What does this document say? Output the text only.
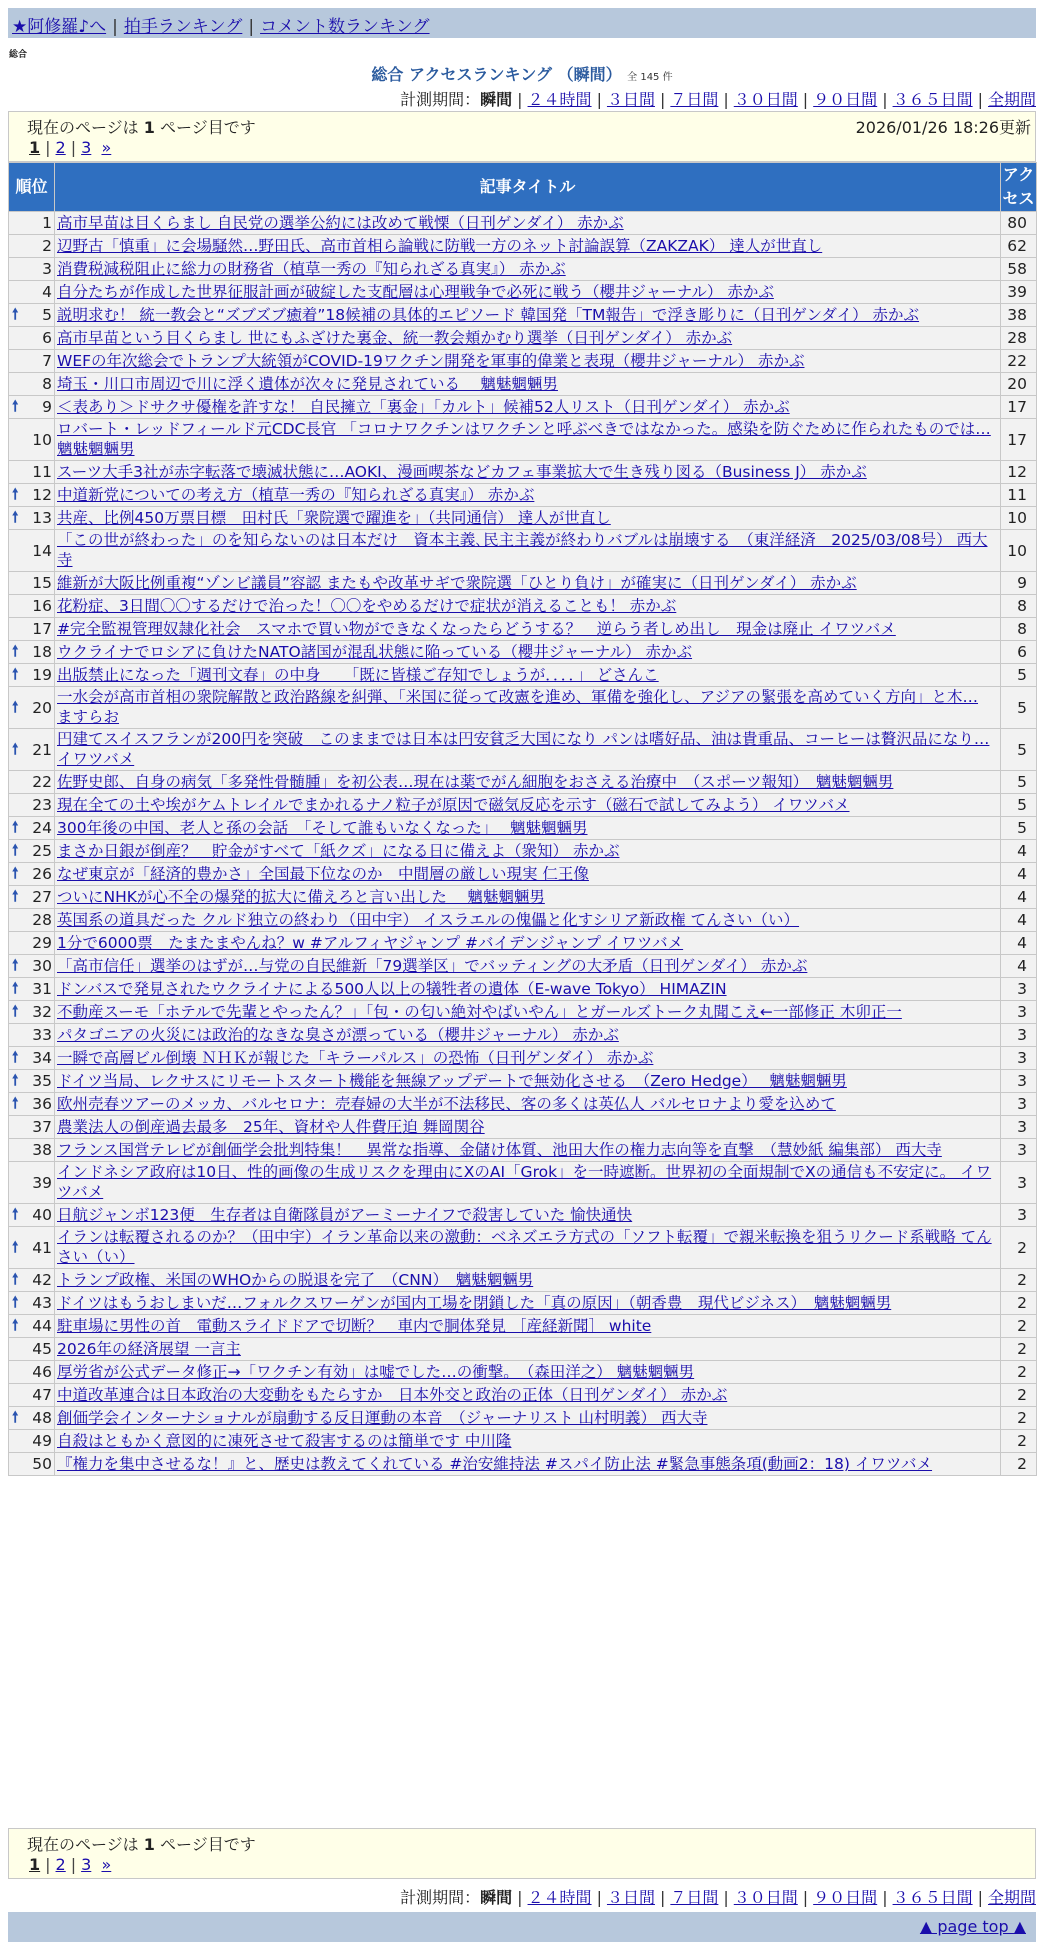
★阿修羅♪へ | 拍手ランキング | コメント数ランキング
総合
総合 アクセスランキング （瞬間） 全 145 件
計測期間：瞬間 | ２４時間 | ３日間 | ７日間 | ３０日間 | ９０日間 | ３６５日間 | 全期間
現在のページは 1 ページ目です	2026/01/26 18:26更新
1 | 2 | 3 »
順位	記事タイトル	アクセス
1	高市早苗は目くらまし 自民党の選挙公約には改めて戦慄（日刊ゲンダイ） 赤かぶ	80
2	辺野古「慎重」に会場騒然…野田氏、高市首相ら論戦に防戦一方のネット討論誤算（ZAKZAK） 達人が世直し	62
3	消費税減税阻止に総力の財務省（植草一秀の『知られざる真実』） 赤かぶ	58
4	自分たちが作成した世界征服計画が破綻した支配層は心理戦争で必死に戦う（櫻井ジャーナル） 赤かぶ	39

🠕 5	説明求む！ 統一教会と“ズブズブ癒着”18候補の具体的エピソード 韓国発「TM報告」で浮き彫りに（日刊ゲンダイ） 赤かぶ	38
6	高市早苗という目くらまし 世にもふざけた裏金、統一教会頬かむり選挙（日刊ゲンダイ） 赤かぶ	28
7	WEFの年次総会でトランプ大統領がCOVID-19ワクチン開発を軍事的偉業と表現（櫻井ジャーナル） 赤かぶ	22
8	埼玉・川口市周辺で川に浮く遺体が次々に発見されている　 魑魅魍魎男	20

🠕 9	＜表あり＞ドサクサ優権を許すな！ 自民擁立「裏金」「カルト」候補52人リスト（日刊ゲンダイ） 赤かぶ	17
10	ロバート・レッドフィールド元CDC長官 「コロナワクチンはワクチンと呼ぶべきではなかった。感染を防ぐために作られたものでは… 魑魅魍魎男	17
11	スーツ大手3社が赤字転落で壊滅状態に…AOKI、漫画喫茶などカフェ事業拡大で生き残り図る（Business J） 赤かぶ	12

🠕 12	中道新党についての考え方（植草一秀の『知られざる真実』） 赤かぶ	11

🠕 13	共産、比例450万票目標　田村氏「衆院選で躍進を」（共同通信） 達人が世直し	10
14	「この世が終わった」のを知らないのは日本だけ　資本主義､民主主義が終わりバブルは崩壊する　（東洋経済　2025/03/08号） 西大寺	10
15	維新が大阪比例重複“ゾンビ議員”容認 またもや改革サギで衆院選「ひとり負け」が確実に（日刊ゲンダイ） 赤かぶ	9
16	花粉症、3日間〇〇するだけで治った！〇〇をやめるだけで症状が消えることも！ 赤かぶ	8
17	#完全監視管理奴隷化社会　スマホで買い物ができなくなったらどうする？　逆らう者しめ出し　現金は廃止 イワツバメ	8

🠕 18	ウクライナでロシアに負けたNATO諸国が混乱状態に陥っている（櫻井ジャーナル） 赤かぶ	6

🠕 19	出版禁止になった「週刊文春」の中身　　「既に皆様ご存知でしょうが．．．．」 どさんこ	5

🠕 20	一水会が高市首相の衆院解散と政治路線を糾弾、「米国に従って改憲を進め、軍備を強化し、アジアの緊張を高めていく方向」と木… ますらお	5

🠕 21	円建てスイスフランが200円を突破　このままでは日本は円安貧乏大国になり パンは嗜好品、油は貴重品、コーヒーは贅沢品になり… イワツバメ	5
22	佐野史郎、自身の病気「多発性骨髄腫」を初公表…現在は薬でがん細胞をおさえる治療中　（スポーツ報知）　魑魅魍魎男	5
23	現在全ての土や埃がケムトレイルでまかれるナノ粒子が原因で磁気反応を示す（磁石で試してみよう） イワツバメ	5

🠕 24	300年後の中国、老人と孫の会話　「そして誰もいなくなった」　 魑魅魍魎男	5

🠕 25	まさか日銀が倒産？　貯金がすべて「紙クズ」になる日に備えよ（衆知） 赤かぶ	4

🠕 26	なぜ東京が「経済的豊かさ」全国最下位なのか　中間層の厳しい現実 仁王像	4

🠕 27	ついにNHKが心不全の爆発的拡大に備えろと言い出した　 魑魅魍魎男	4
28	英国系の道具だった クルド独立の終わり（田中宇） イスラエルの傀儡と化すシリア新政権 てんさい（い）	4
29	1分で6000票　たまたまやんね？w #アルフィヤジャンプ #バイデンジャンプ イワツバメ	4

🠕 30	「高市信任」選挙のはずが…与党の自民維新「79選挙区」でバッティングの大矛盾（日刊ゲンダイ） 赤かぶ	4

🠕 31	ドンバスで発見されたウクライナによる500人以上の犠牲者の遺体（E-wave Tokyo） HIMAZIN	3

🠕 32	不動産スーモ「ホテルで先輩とやったん？」「包・の匂い絶対やばいやん」とガールズトーク丸聞こえ←一部修正 木卯正一	3
33	パタゴニアの火災には政治的なきな臭さが漂っている（櫻井ジャーナル） 赤かぶ	3

🠕 34	一瞬で高層ビル倒壊 ＮＨＫが報じた「キラーパルス」の恐怖（日刊ゲンダイ） 赤かぶ	3

🠕 35	ドイツ当局、レクサスにリモートスタート機能を無線アップデートで無効化させる　（Zero Hedge）　 魑魅魍魎男	3

🠕 36	欧州売春ツアーのメッカ、バルセロナ：売春婦の大半が不法移民、客の多くは英仏人 バルセロナより愛を込めて	3
37	農業法人の倒産過去最多　25年、資材や人件費圧迫 舞岡関谷	3
38	フランス国営テレビが創価学会批判特集！　異常な指導、金儲け体質、池田大作の権力志向等を直撃　（慧妙紙 編集部） 西大寺	3
39	インドネシア政府は10日、性的画像の生成リスクを理由にXのAI「Grok」を一時遮断。世界初の全面規制でXの通信も不安定に。 イワツバメ	3

🠕 40	日航ジャンボ123便　生存者は自衛隊員がアーミーナイフで殺害していた 愉快通快	3

🠕 41	イランは転覆されるのか？（田中宇）イラン革命以来の激動：ベネズエラ方式の「ソフト転覆」で親米転換を狙うリクード系戦略 てんさい（い）	2

🠕 42	トランプ政権、米国のWHOからの脱退を完了　（CNN）　魑魅魍魎男	2

🠕 43	ドイツはもうおしまいだ…フォルクスワーゲンが国内工場を閉鎖した「真の原因」（朝香豊　現代ビジネス）　魑魅魍魎男	2

🠕 44	駐車場に男性の首　電動スライドドアで切断？　車内で胴体発見 ［産経新聞］ white	2
45	2026年の経済展望 一言主	2
46	厚労省が公式データ修正→「ワクチン有効」は嘘でした…の衝撃。　（森田洋之） 魑魅魍魎男	2
47	中道改革連合は日本政治の大変動をもたらすか　日本外交と政治の正体（日刊ゲンダイ） 赤かぶ	2

🠕 48	創価学会インターナショナルが扇動する反日運動の本音　（ジャーナリスト 山村明義） 西大寺	2
49	自殺はともかく意図的に凍死させて殺害するのは簡単です 中川隆	2
50	『権力を集中させるな！』と、歴史は教えてくれている #治安維持法 #スパイ防止法 #緊急事態条項(動画2：18) イワツバメ	2
現在のページは 1 ページ目です
1 | 2 | 3 »
計測期間：瞬間 | ２４時間 | ３日間 | ７日間 | ３０日間 | ９０日間 | ３６５日間 | 全期間
▲ page top ▲
